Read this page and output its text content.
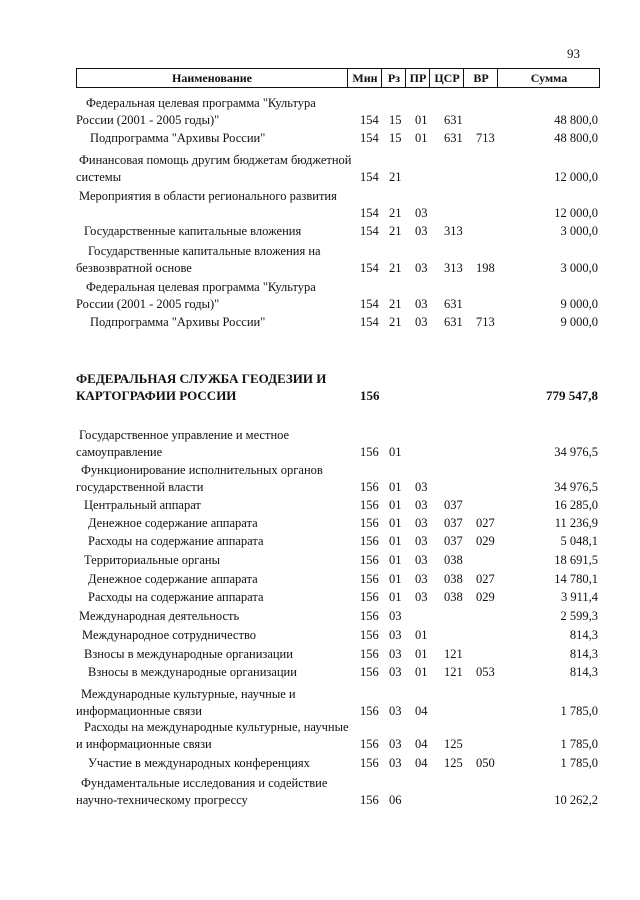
93
Наименование	Мин Рз ПР ЦСР	ВР	Сумма
Федеральная целевая программа "Культура России (2001 - 2005 годы)"	154 15 01 631	48 800,0
Подпрограмма "Архивы России"	154 15 01 631 713	48 800,0
Финансовая помощь другим бюджетам бюджетной системы	154 21	12 000,0
Мероприятия в области регионального развития
154 21 03	12 000,0
Государственные капитальные вложения	154 21 03 313	3 000,0
Государственные капитальные вложения на безвозвратной основе	154 21 03 313 198	3 000,0
Федеральная целевая программа "Культура России (2001 - 2005 годы)"	154 21 03 631	9 000,0
Подпрограмма "Архивы России"	154 21 03 631 713	9 000,0
ФЕДЕРАЛЬНАЯ СЛУЖБА ГЕОДЕЗИИ И КАРТОГРАФИИ РОССИИ	156	779 547,8
Государственное управление и местное самоуправление	156 01	34 976,5
Функционирование исполнительных органов государственной власти	156 01 03	34 976,5
Центральный аппарат	156 01 03 037	16 285,0
Денежное содержание аппарата	156 01 03 037 027	11 236,9
Расходы на содержание аппарата	156 01 03 037 029	5 048,1
Территориальные органы	156 01 03 038	18 691,5
Денежное содержание аппарата	156 01 03 038 027	14 780,1
Расходы на содержание аппарата	156 01 03 038 029	3 911,4
Международная деятельность	156 03	2 599,3
Международное сотрудничество	156 03 01	814,3
Взносы в международные организации	156 03 01 121	814,3
Взносы в международные организации	156 03 01 121 053	814,3
Международные культурные, научные и информационные связи	156 03 04	1 785,0
Расходы на международные культурные, научные и информационные связи	156 03 04 125	1 785,0
Участие в международных конференциях	156 03 04 125 050	1 785,0
Фундаментальные исследования и содействие научно-техническому прогрессу	156 06	10 262,2
